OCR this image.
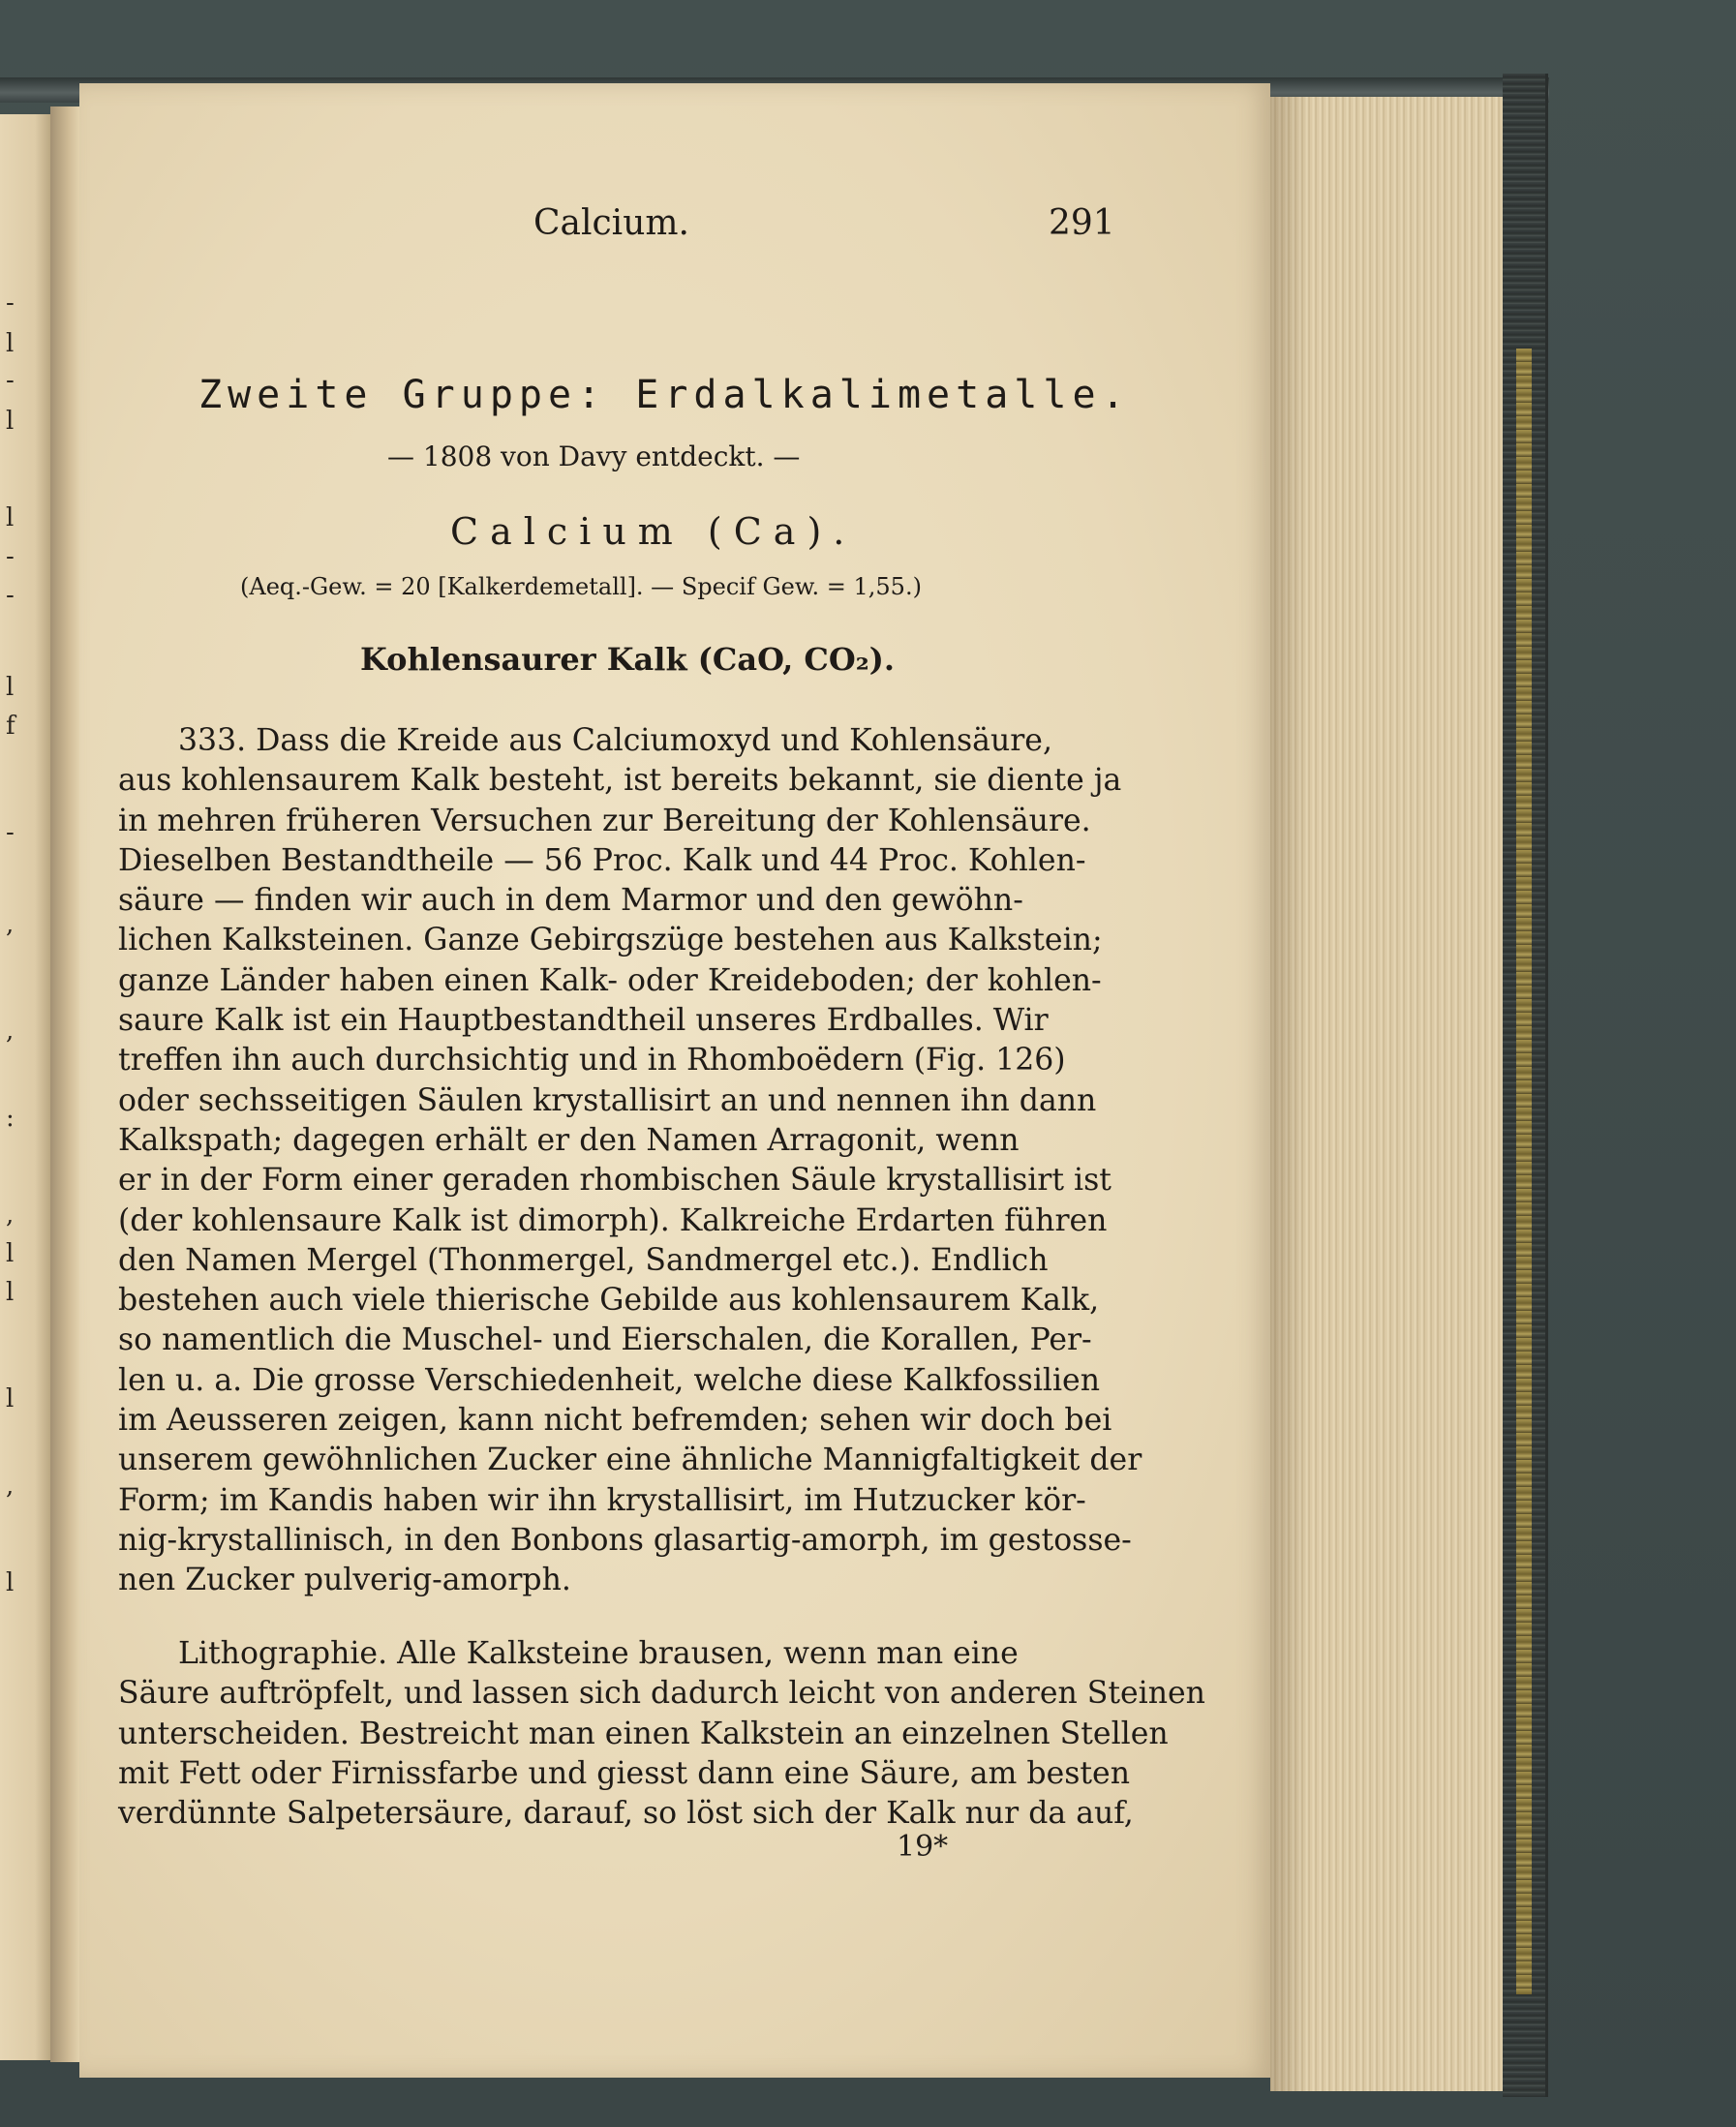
Calcium.	291
Zweite Gruppe: Erdalkalimetalle.
— 1808 von Davy entdeckt. —
Calcium (Ca).
(Aeq.-Gew. = 20 [Kalkerdemetall]. — Specif Gew. = 1,55.)
Kohlensaurer Kalk (CaO, CO₂).
333. Dass die Kreide aus Calciumoxyd und Kohlensäure,
aus kohlensaurem Kalk besteht, ist bereits bekannt, sie diente ja
in mehren früheren Versuchen zur Bereitung der Kohlensäure.
Dieselben Bestandtheile — 56 Proc. Kalk und 44 Proc. Kohlen-
säure — finden wir auch in dem Marmor und den gewöhn-
lichen Kalksteinen. Ganze Gebirgszüge bestehen aus Kalkstein;
ganze Länder haben einen Kalk- oder Kreideboden; der kohlen-
saure Kalk ist ein Hauptbestandtheil unseres Erdballes. Wir
treffen ihn auch durchsichtig und in Rhomboëdern (Fig. 126)
oder sechsseitigen Säulen krystallisirt an und nennen ihn dann
Kalkspath; dagegen erhält er den Namen Arragonit, wenn
er in der Form einer geraden rhombischen Säule krystallisirt ist
(der kohlensaure Kalk ist dimorph). Kalkreiche Erdarten führen
den Namen Mergel (Thonmergel, Sandmergel etc.). Endlich
bestehen auch viele thierische Gebilde aus kohlensaurem Kalk,
so namentlich die Muschel- und Eierschalen, die Korallen, Per-
len u. a. Die grosse Verschiedenheit, welche diese Kalkfossilien
im Aeusseren zeigen, kann nicht befremden; sehen wir doch bei
unserem gewöhnlichen Zucker eine ähnliche Mannigfaltigkeit der
Form; im Kandis haben wir ihn krystallisirt, im Hutzucker kör-
nig-krystallinisch, in den Bonbons glasartig-amorph, im gestosse-
nen Zucker pulverig-amorph.
Lithographie. Alle Kalksteine brausen, wenn man eine
Säure auftröpfelt, und lassen sich dadurch leicht von anderen Steinen
unterscheiden. Bestreicht man einen Kalkstein an einzelnen Stellen
mit Fett oder Firnissfarbe und giesst dann eine Säure, am besten
verdünnte Salpetersäure, darauf, so löst sich der Kalk nur da auf,
19*
-
l
-
l
l
-
-
l
f
-
,
,
:
,
l
l
l
,
l
